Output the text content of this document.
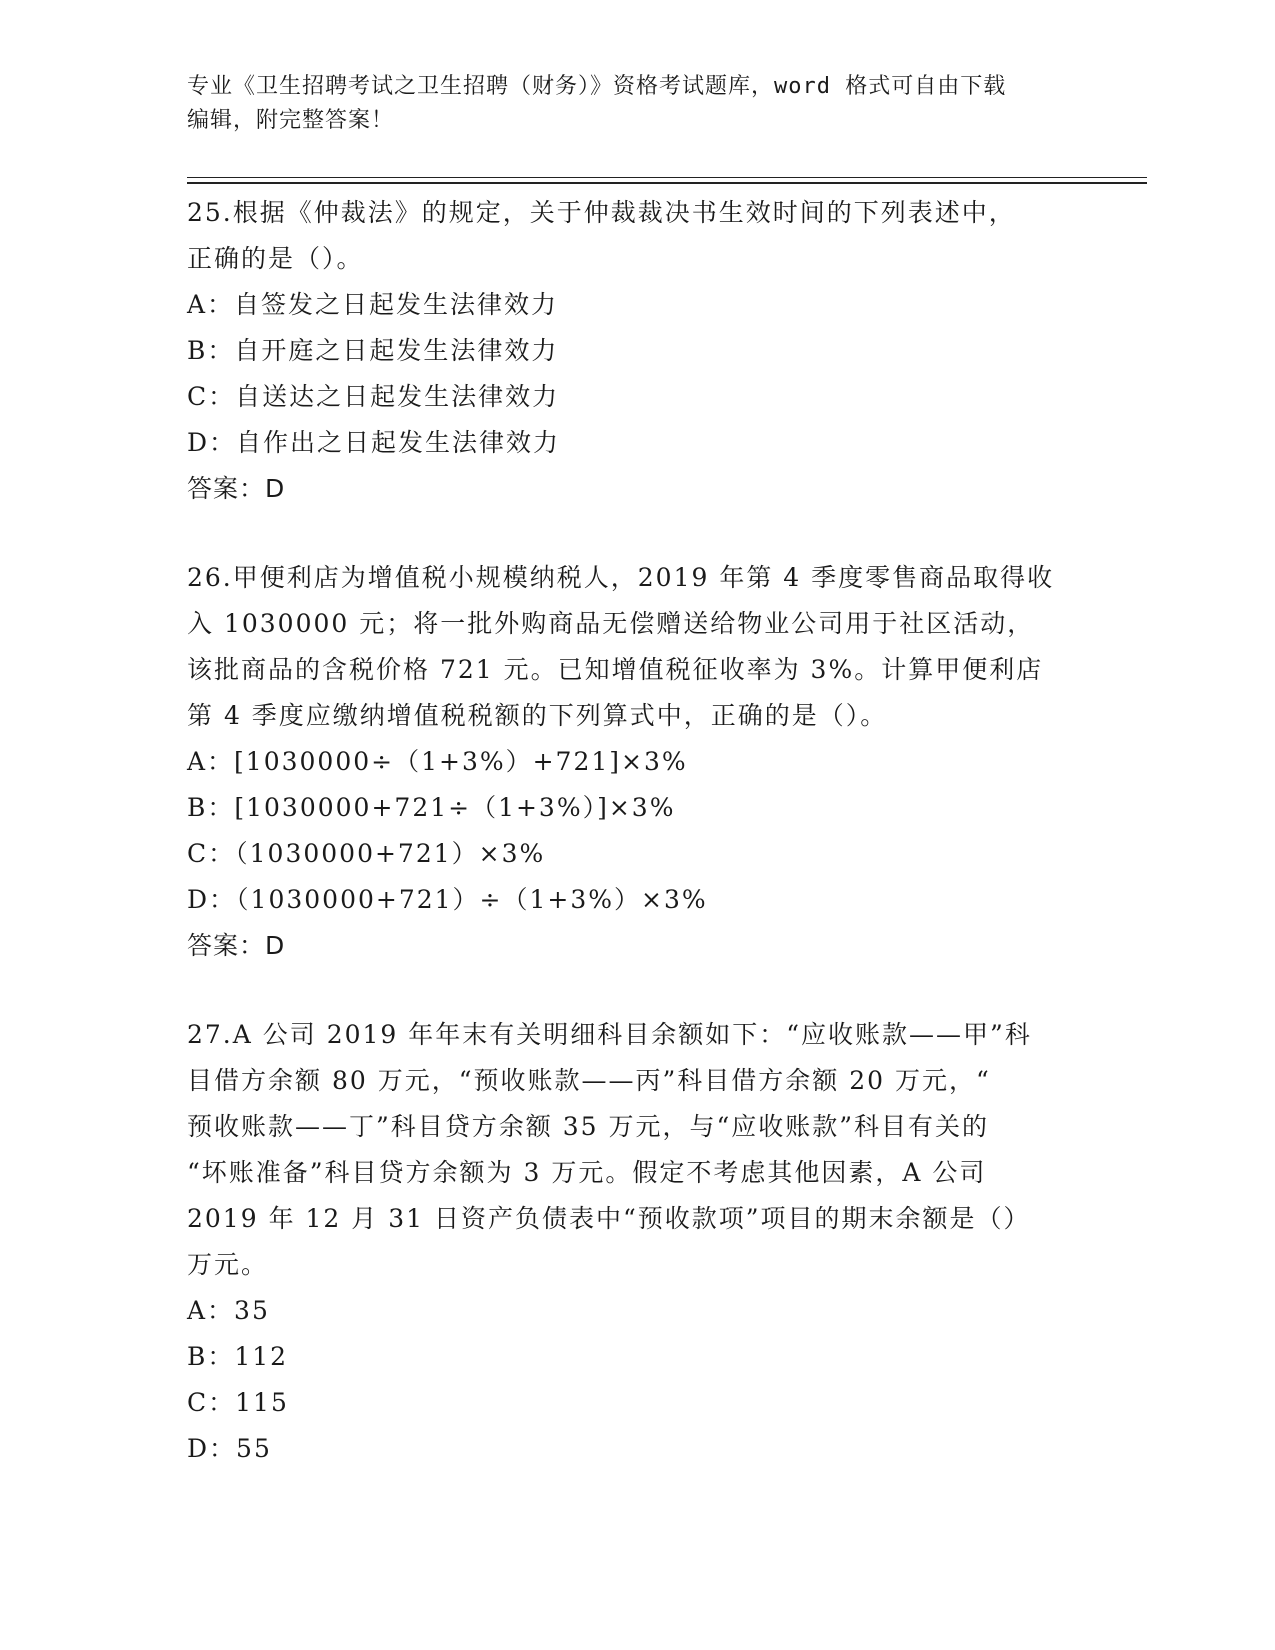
专业《卫生招聘考试之卫生招聘（财务）》资格考试题库，word 格式可自由下载
编辑，附完整答案！
25.根据《仲裁法》的规定，关于仲裁裁决书生效时间的下列表述中，
正确的是（）。
A：自签发之日起发生法律效力
B：自开庭之日起发生法律效力
C：自送达之日起发生法律效力
D：自作出之日起发生法律效力
答案：D
26.甲便利店为增值税小规模纳税人，2019 年第 4 季度零售商品取得收
入 1030000 元；将一批外购商品无偿赠送给物业公司用于社区活动，
该批商品的含税价格 721 元。已知增值税征收率为 3%。计算甲便利店
第 4 季度应缴纳增值税税额的下列算式中，正确的是（）。
A：[1030000÷（1+3%）+721]×3%
B：[1030000+721÷（1+3%）]×3%
C：（1030000+721）×3%
D：（1030000+721）÷（1+3%）×3%
答案：D
27.A 公司 2019 年年末有关明细科目余额如下：“应收账款——甲”科
目借方余额 80 万元，“预收账款——丙”科目借方余额 20 万元，“
预收账款——丁”科目贷方余额 35 万元，与“应收账款”科目有关的
“坏账准备”科目贷方余额为 3 万元。假定不考虑其他因素，A 公司
2019 年 12 月 31 日资产负债表中“预收款项”项目的期末余额是（）
万元。
A：35
B：112
C：115
D：55
